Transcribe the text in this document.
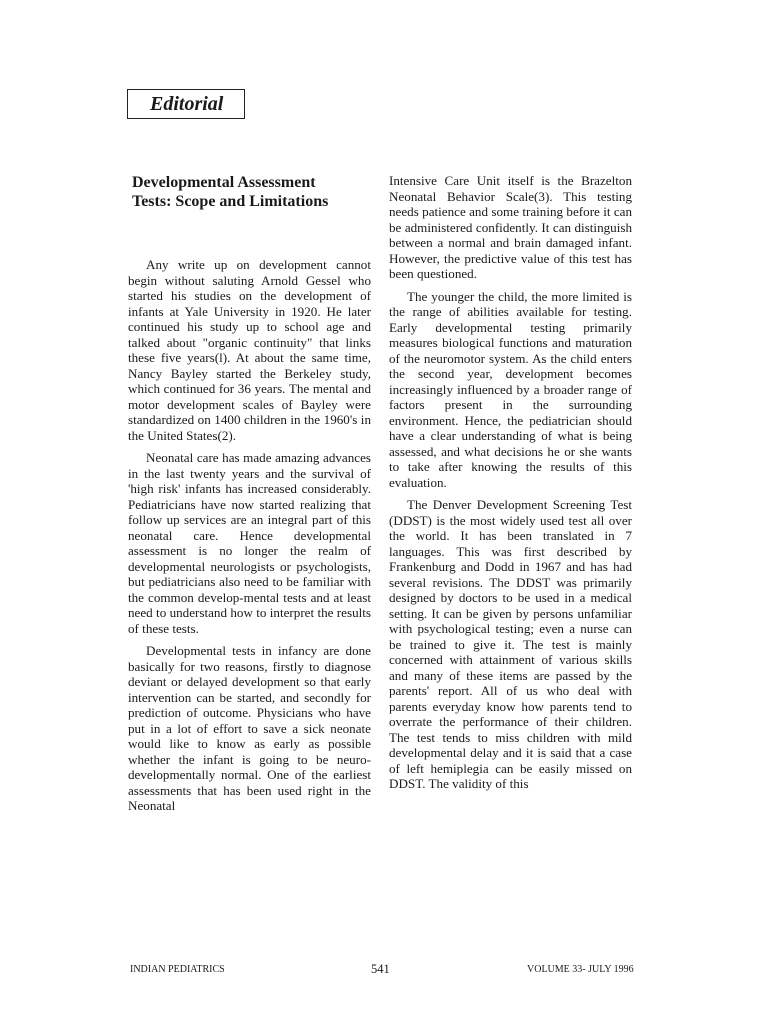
Editorial
Developmental Assessment
Tests: Scope and Limitations

Any write up on development cannot begin without saluting Arnold Gessel who started his studies on the development of infants at Yale University in 1920. He later continued his study up to school age and talked about "organic continuity" that links these five years(l). At about the same time, Nancy Bayley started the Berkeley study, which continued for 36 years. The mental and motor development scales of Bayley were standardized on 1400 children in the 1960's in the United States(2).

Neonatal care has made amazing advances in the last twenty years and the survival of 'high risk' infants has increased considerably. Pediatricians have now started realizing that follow up services are an integral part of this neonatal care. Hence developmental assessment is no longer the realm of developmental neurologists or psychologists, but pediatricians also need to be familiar with the common develop-mental tests and at least need to understand how to interpret the results of these tests.

Developmental tests in infancy are done basically for two reasons, firstly to diagnose deviant or delayed development so that early intervention can be started, and secondly for prediction of outcome. Physicians who have put in a lot of effort to save a sick neonate would like to know as early as possible whether the infant is going to be neuro-developmentally normal. One of the earliest assessments that has been used right in the Neonatal

Intensive Care Unit itself is the Brazelton Neonatal Behavior Scale(3). This testing needs patience and some training before it can be administered confidently. It can distinguish between a normal and brain damaged infant. However, the predictive value of this test has been questioned.

The younger the child, the more limited is the range of abilities available for testing. Early developmental testing primarily measures biological functions and maturation of the neuromotor system. As the child enters the second year, development becomes increasingly influenced by a broader range of factors present in the surrounding environment. Hence, the pediatrician should have a clear understanding of what is being assessed, and what decisions he or she wants to take after knowing the results of this evaluation.

The Denver Development Screening Test (DDST) is the most widely used test all over the world. It has been translated in 7 languages. This was first described by Frankenburg and Dodd in 1967 and has had several revisions. The DDST was primarily designed by doctors to be used in a medical setting. It can be given by persons unfamiliar with psychological testing; even a nurse can be trained to give it. The test is mainly concerned with attainment of various skills and many of these items are passed by the parents' report. All of us who deal with parents everyday know how parents tend to overrate the performance of their children. The test tends to miss children with mild developmental delay and it is said that a case of left hemiplegia can be easily missed on DDST. The validity of this

INDIAN PEDIATRICS	541	VOLUME 33- JULY 1996
